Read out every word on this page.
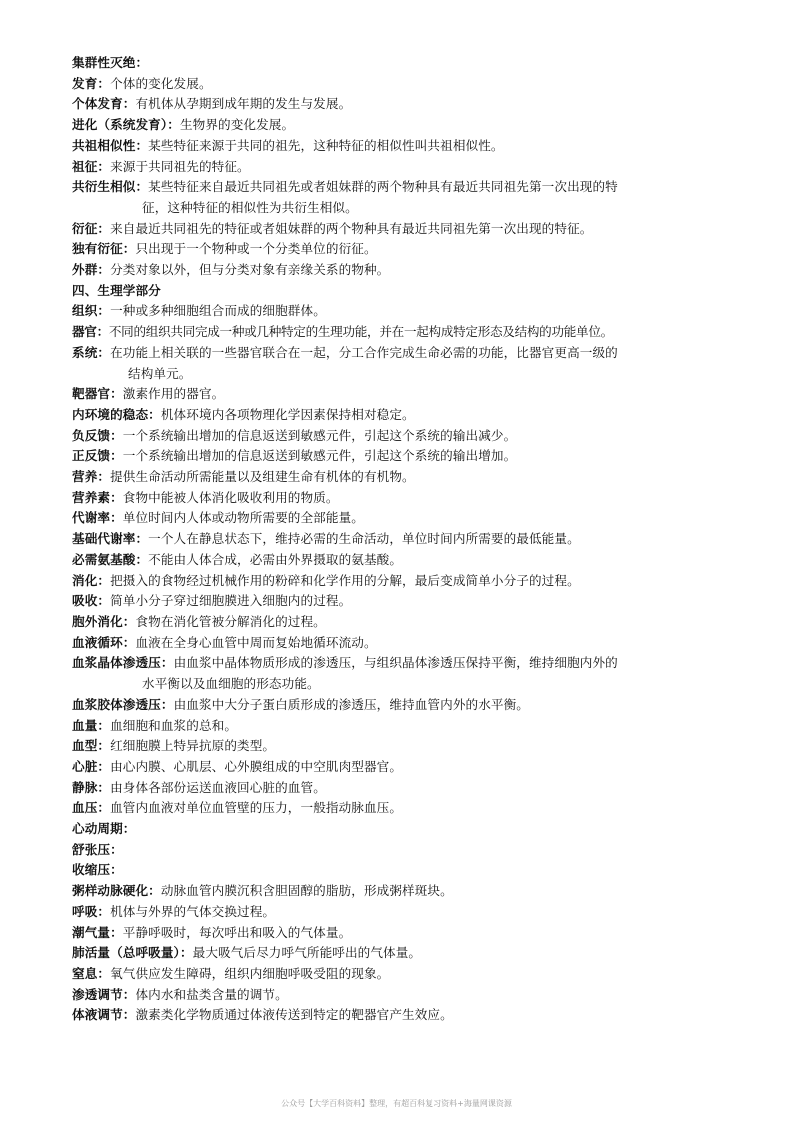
集群性灭绝：
发育：个体的变化发展。
个体发育：有机体从孕期到成年期的发生与发展。
进化（系统发育）：生物界的变化发展。
共祖相似性：某些特征来源于共同的祖先，这种特征的相似性叫共祖相似性。
祖征：来源于共同祖先的特征。
共衍生相似：某些特征来自最近共同祖先或者姐妹群的两个物种具有最近共同祖先第一次出现的特
征，这种特征的相似性为共衍生相似。
衍征：来自最近共同祖先的特征或者姐妹群的两个物种具有最近共同祖先第一次出现的特征。
独有衍征：只出现于一个物种或一个分类单位的衍征。
外群：分类对象以外，但与分类对象有亲缘关系的物种。
四、生理学部分
组织：一种或多种细胞组合而成的细胞群体。
器官：不同的组织共同完成一种或几种特定的生理功能，并在一起构成特定形态及结构的功能单位。
系统：在功能上相关联的一些器官联合在一起，分工合作完成生命必需的功能，比器官更高一级的
结构单元。
靶器官：激素作用的器官。
内环境的稳态：机体环境内各项物理化学因素保持相对稳定。
负反馈：一个系统输出增加的信息返送到敏感元件，引起这个系统的输出减少。
正反馈：一个系统输出增加的信息返送到敏感元件，引起这个系统的输出增加。
营养：提供生命活动所需能量以及组建生命有机体的有机物。
营养素：食物中能被人体消化吸收利用的物质。
代谢率：单位时间内人体或动物所需要的全部能量。
基础代谢率：一个人在静息状态下，维持必需的生命活动，单位时间内所需要的最低能量。
必需氨基酸：不能由人体合成，必需由外界摄取的氨基酸。
消化：把摄入的食物经过机械作用的粉碎和化学作用的分解，最后变成简单小分子的过程。
吸收：简单小分子穿过细胞膜进入细胞内的过程。
胞外消化：食物在消化管被分解消化的过程。
血液循环：血液在全身心血管中周而复始地循环流动。
血浆晶体渗透压：由血浆中晶体物质形成的渗透压，与组织晶体渗透压保持平衡，维持细胞内外的
水平衡以及血细胞的形态功能。
血浆胶体渗透压：由血浆中大分子蛋白质形成的渗透压，维持血管内外的水平衡。
血量：血细胞和血浆的总和。
血型：红细胞膜上特异抗原的类型。
心脏：由心内膜、心肌层、心外膜组成的中空肌肉型器官。
静脉：由身体各部份运送血液回心脏的血管。
血压：血管内血液对单位血管壁的压力，一般指动脉血压。
心动周期：
舒张压：
收缩压：
粥样动脉硬化：动脉血管内膜沉积含胆固醇的脂肪，形成粥样斑块。
呼吸：机体与外界的气体交换过程。
潮气量：平静呼吸时，每次呼出和吸入的气体量。
肺活量（总呼吸量）：最大吸气后尽力呼气所能呼出的气体量。
窒息：氧气供应发生障碍，组织内细胞呼吸受阻的现象。
渗透调节：体内水和盐类含量的调节。
体液调节：激素类化学物质通过体液传送到特定的靶器官产生效应。
公众号【大学百科资料】整理，有超百科复习资料+海量网课资源
